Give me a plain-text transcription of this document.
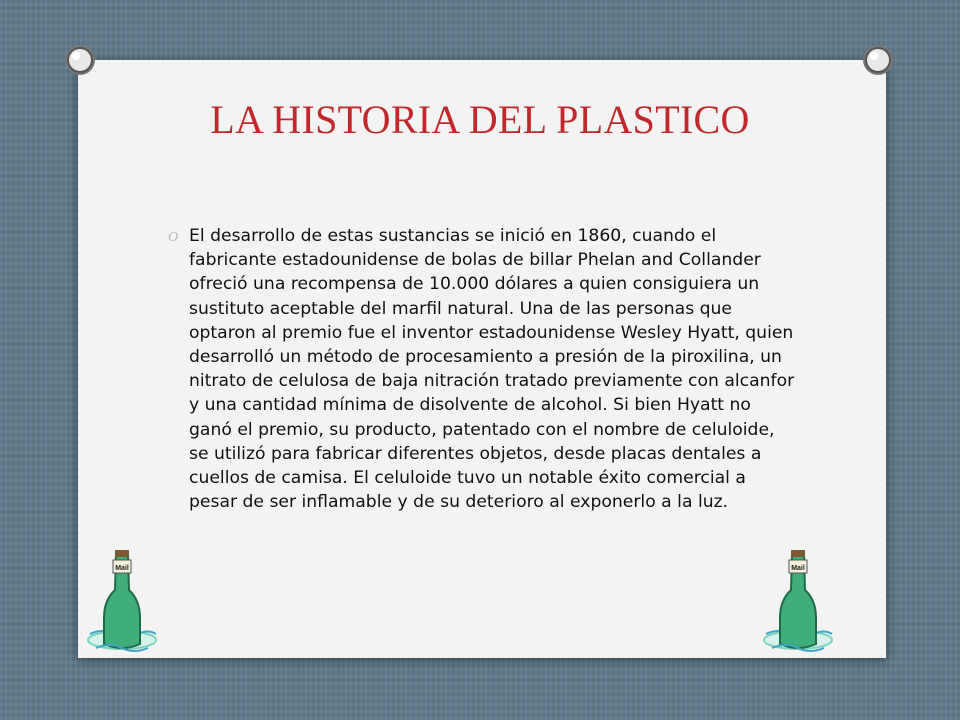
LA HISTORIA DEL PLASTICO
O El desarrollo de estas sustancias se inició en 1860, cuando el fabricante estadounidense de bolas de billar Phelan and Collander ofreció una recompensa de 10.000 dólares a quien consiguiera un sustituto aceptable del marfil natural. Una de las personas que optaron al premio fue el inventor estadounidense Wesley Hyatt, quien desarrolló un método de procesamiento a presión de la piroxilina, un nitrato de celulosa de baja nitración tratado previamente con alcanfor y una cantidad mínima de disolvente de alcohol. Si bien Hyatt no ganó el premio, su producto, patentado con el nombre de celuloide, se utilizó para fabricar diferentes objetos, desde placas dentales a cuellos de camisa. El celuloide tuvo un notable éxito comercial a pesar de ser inflamable y de su deterioro al exponerlo a la luz.

Mail	Mail
